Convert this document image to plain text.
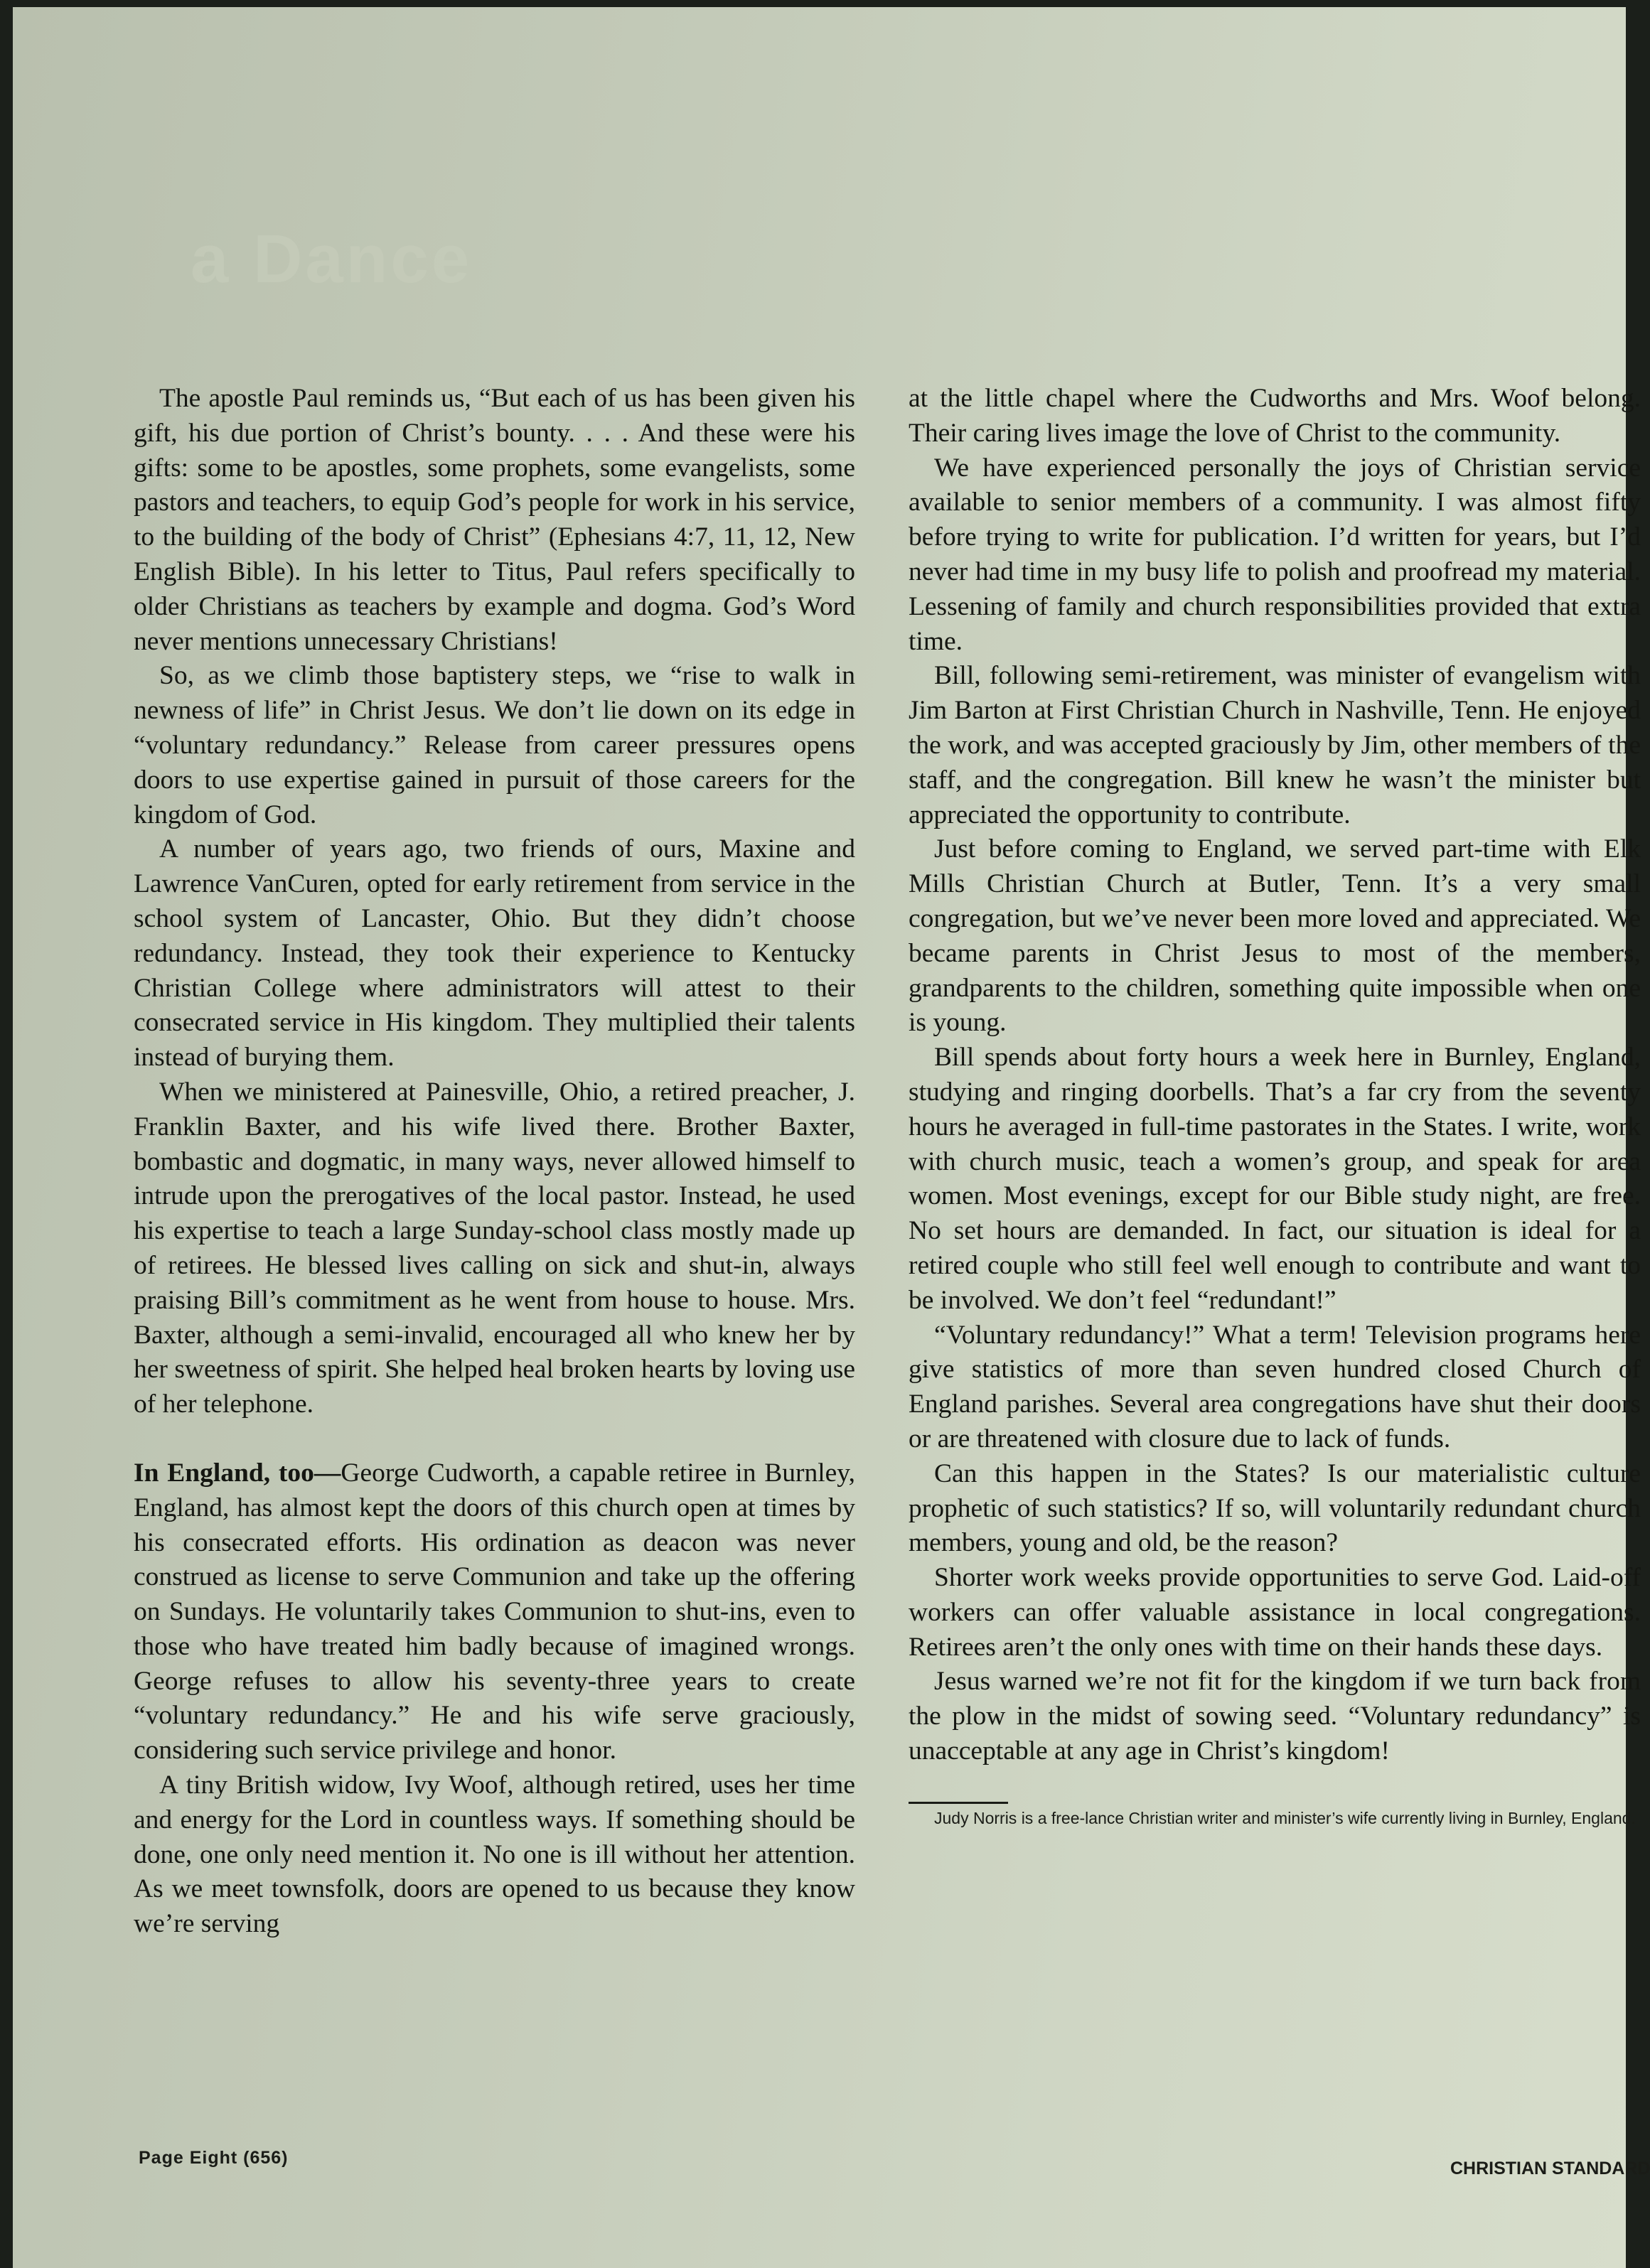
a Dance

The apostle Paul reminds us, “But each of us has been given his gift, his due portion of Christ’s bounty. . . . And these were his gifts: some to be apostles, some prophets, some evangelists, some pastors and teachers, to equip God’s people for work in his service, to the building of the body of Christ” (Ephesians 4:7, 11, 12, New English Bible). In his letter to Titus, Paul refers specifically to older Christians as teachers by example and dogma. God’s Word never mentions unnecessary Christians!

So, as we climb those baptistery steps, we “rise to walk in newness of life” in Christ Jesus. We don’t lie down on its edge in “voluntary redundancy.” Release from career pressures opens doors to use expertise gained in pursuit of those careers for the kingdom of God.

A number of years ago, two friends of ours, Maxine and Lawrence VanCuren, opted for early retirement from service in the school system of Lancaster, Ohio. But they didn’t choose redundancy. Instead, they took their experience to Kentucky Christian College where administrators will attest to their consecrated service in His kingdom. They multiplied their talents instead of burying them.

When we ministered at Painesville, Ohio, a retired preacher, J. Franklin Baxter, and his wife lived there. Brother Baxter, bombastic and dogmatic, in many ways, never allowed himself to intrude upon the prerogatives of the local pastor. Instead, he used his expertise to teach a large Sunday-school class mostly made up of retirees. He blessed lives calling on sick and shut-in, always praising Bill’s commitment as he went from house to house. Mrs. Baxter, although a semi-invalid, encouraged all who knew her by her sweetness of spirit. She helped heal broken hearts by loving use of her telephone.

In England, too—George Cudworth, a capable retiree in Burnley, England, has almost kept the doors of this church open at times by his consecrated efforts. His ordination as deacon was never construed as license to serve Communion and take up the offering on Sundays. He voluntarily takes Communion to shut-ins, even to those who have treated him badly because of imagined wrongs. George refuses to allow his seventy-three years to create “voluntary redundancy.” He and his wife serve graciously, considering such service privilege and honor.

A tiny British widow, Ivy Woof, although retired, uses her time and energy for the Lord in countless ways. If something should be done, one only need mention it. No one is ill without her attention. As we meet townsfolk, doors are opened to us because they know we’re serving

at the little chapel where the Cudworths and Mrs. Woof belong. Their caring lives image the love of Christ to the community.

We have experienced personally the joys of Christian service available to senior members of a community. I was almost fifty before trying to write for publication. I’d written for years, but I’d never had time in my busy life to polish and proofread my material. Lessening of family and church responsibilities provided that extra time.

Bill, following semi-retirement, was minister of evangelism with Jim Barton at First Christian Church in Nashville, Tenn. He enjoyed the work, and was accepted graciously by Jim, other members of the staff, and the congregation. Bill knew he wasn’t the minister but appreciated the opportunity to contribute.

Just before coming to England, we served part-time with Elk Mills Christian Church at Butler, Tenn. It’s a very small congregation, but we’ve never been more loved and appreciated. We became parents in Christ Jesus to most of the members, grandparents to the children, something quite impossible when one is young.

Bill spends about forty hours a week here in Burnley, England, studying and ringing doorbells. That’s a far cry from the seventy hours he averaged in full-time pastorates in the States. I write, work with church music, teach a women’s group, and speak for area women. Most evenings, except for our Bible study night, are free. No set hours are demanded. In fact, our situation is ideal for a retired couple who still feel well enough to contribute and want to be involved. We don’t feel “redundant!”

“Voluntary redundancy!” What a term! Television programs here give statistics of more than seven hundred closed Church of England parishes. Several area congregations have shut their doors or are threatened with closure due to lack of funds.

Can this happen in the States? Is our materialistic culture prophetic of such statistics? If so, will voluntarily redundant church members, young and old, be the reason?

Shorter work weeks provide opportunities to serve God. Laid-off workers can offer valuable assistance in local congregations. Retirees aren’t the only ones with time on their hands these days.

Jesus warned we’re not fit for the kingdom if we turn back from the plow in the midst of sowing seed. “Voluntary redundancy” is unacceptable at any age in Christ’s kingdom!

Judy Norris is a free-lance Christian writer and minister’s wife currently living in Burnley, England.

Page Eight (656)
CHRISTIAN STANDARD
